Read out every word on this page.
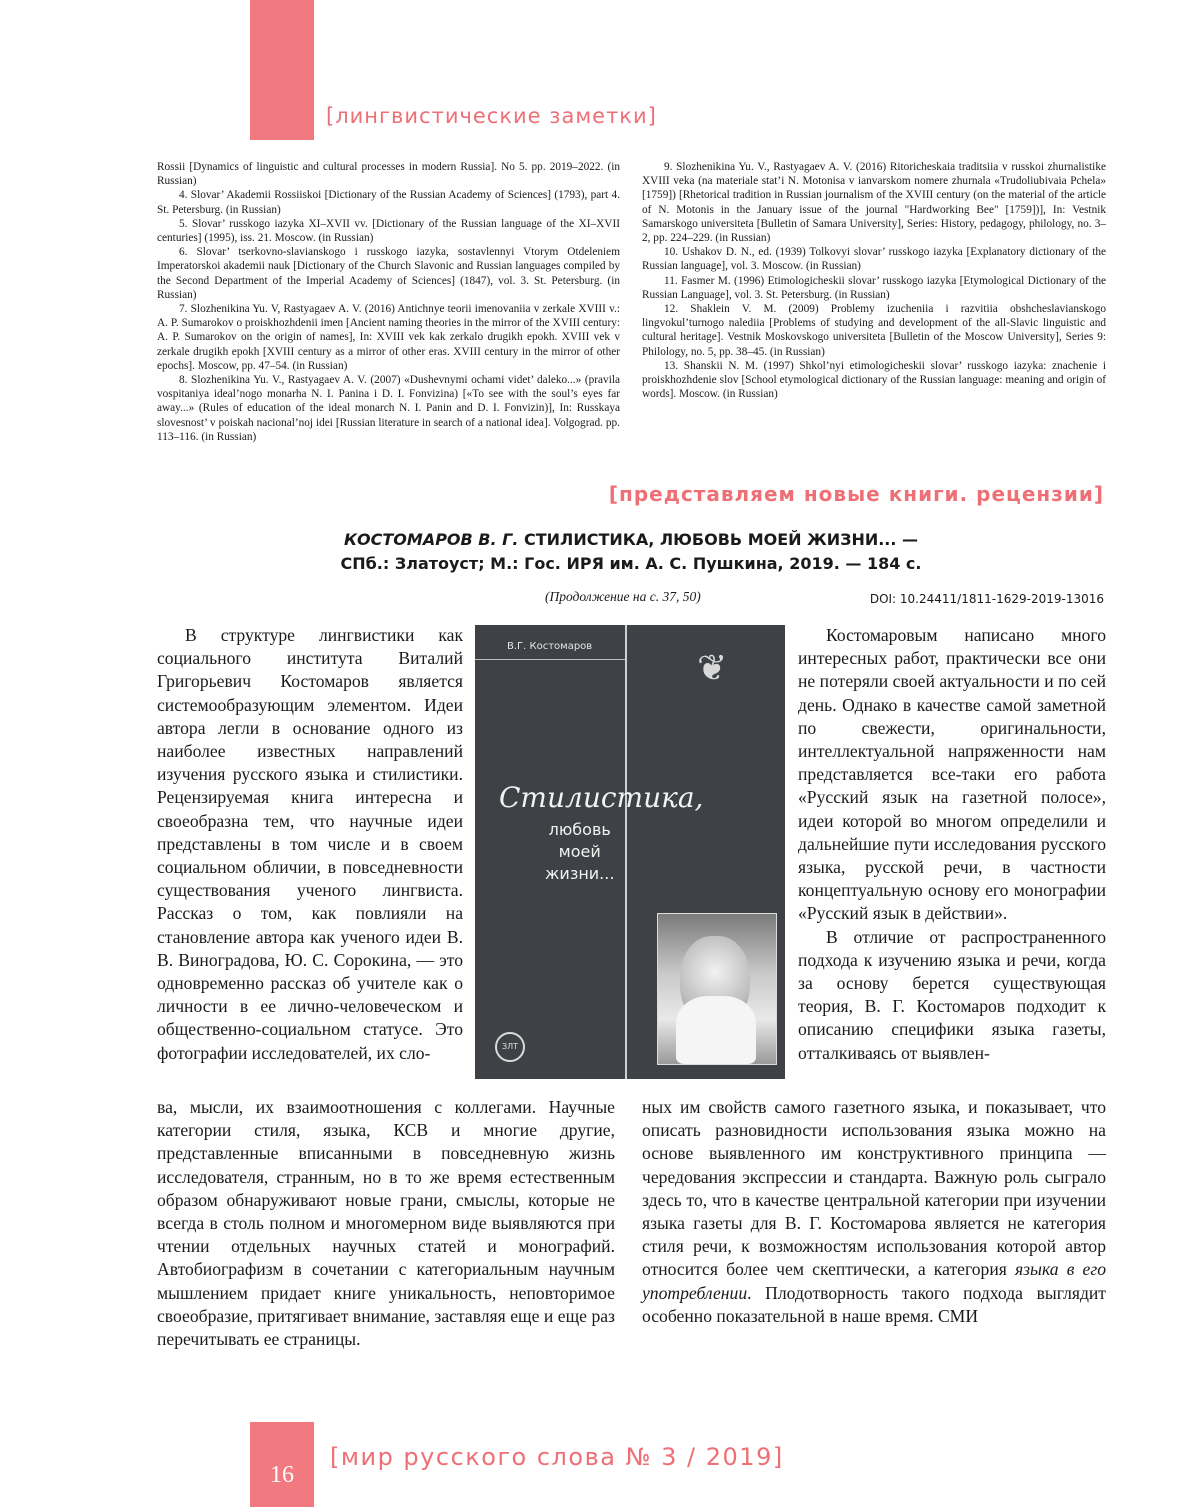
[лингвистические заметки]

Rossii [Dynamics of linguistic and cultural processes in modern Russia]. No 5. pp. 2019–2022. (in Russian)

4. Slovar’ Akademii Rossiiskoi [Dictionary of the Russian Academy of Sciences] (1793), part 4. St. Petersburg. (in Russian)

5. Slovar’ russkogo iazyka XI–XVII vv. [Dictionary of the Russian language of the XI–XVII centuries] (1995), iss. 21. Moscow. (in Russian)

6. Slovar’ tserkovno-slavianskogo i russkogo iazyka, sostavlennyi Vtorym Otdeleniem Imperatorskoi akademii nauk [Dictionary of the Church Slavonic and Russian languages compiled by the Second Department of the Imperial Academy of Sciences] (1847), vol. 3. St. Petersburg. (in Russian)

7. Slozhenikina Yu. V, Rastyagaev A. V. (2016) Antichnye teorii imenovaniia v zerkale XVIII v.: A. P. Sumarokov o proiskhozhdenii imen [Ancient naming theories in the mirror of the XVIII century: A. P. Sumarokov on the origin of names], In: XVIII vek kak zerkalo drugikh epokh. XVIII vek v zerkale drugikh epokh [XVIII century as a mirror of other eras. XVIII century in the mirror of other epochs]. Moscow, pp. 47–54. (in Russian)

8. Slozhenikina Yu. V., Rastyagaev A. V. (2007) «Dushevnymi ochami videt’ daleko...» (pravila vospitaniya ideal’nogo monarha N. I. Panina i D. I. Fonvizina) [«To see with the soul’s eyes far away...» (Rules of education of the ideal monarch N. I. Panin and D. I. Fonvizin)], In: Russkaya slovesnost’ v poiskah nacional’noj idei [Russian literature in search of a national idea]. Volgograd. pp. 113–116. (in Russian)

9. Slozhenikina Yu. V., Rastyagaev A. V. (2016) Ritoricheskaia traditsiia v russkoi zhurnalistike XVIII veka (na materiale stat’i N. Motonisa v ianvarskom nomere zhurnala «Trudoliubivaia Pchela» [1759]) [Rhetorical tradition in Russian journalism of the XVIII century (on the material of the article of N. Motonis in the January issue of the journal "Hardworking Bee" [1759])], In: Vestnik Samarskogo universiteta [Bulletin of Samara University], Series: History, pedagogy, philology, no. 3–2, pp. 224–229. (in Russian)

10. Ushakov D. N., ed. (1939) Tolkovyi slovar’ russkogo iazyka [Explanatory dictionary of the Russian language], vol. 3. Moscow. (in Russian)

11. Fasmer M. (1996) Etimologicheskii slovar’ russkogo iazyka [Etymological Dictionary of the Russian Language], vol. 3. St. Petersburg. (in Russian)

12. Shaklein V. M. (2009) Problemy izucheniia i razvitiia obshcheslavianskogo lingvokul’turnogo nalediia [Problems of studying and development of the all-Slavic linguistic and cultural heritage]. Vestnik Moskovskogo universiteta [Bulletin of the Moscow University], Series 9: Philology, no. 5, pp. 38–45. (in Russian)

13. Shanskii N. M. (1997) Shkol’nyi etimologicheskii slovar’ russkogo iazyka: znachenie i proiskhozhdenie slov [School etymological dictionary of the Russian language: meaning and origin of words]. Moscow. (in Russian)

[представляем новые книги. рецензии]
КОСТОМАРОВ В. Г. СТИЛИСТИКА, ЛЮБОВЬ МОЕЙ ЖИЗНИ... —
СПб.: Златоуст; М.: Гос. ИРЯ им. А. С. Пушкина, 2019. — 184 с.
(Продолжение на с. 37, 50)	DOI: 10.24411/1811-1629-2019-13016
В.Г. Костомаров
❦
Стилистика,
любовь
моей
жизни...
ЗЛТ

В структуре лингвистики как социального института Виталий Григорьевич Костомаров является системообразующим элементом. Идеи автора легли в основание одного из наиболее известных направлений изучения русского языка и стилистики. Рецензируемая книга интересна и своеобразна тем, что научные идеи представлены в том числе и в своем социальном обличии, в повседневности существования ученого лингвиста. Рассказ о том, как повлияли на становление автора как ученого идеи В. В. Виноградова, Ю. С. Сорокина, — это одновременно рассказ об учителе как о личности в ее лично-человеческом и общественно-социальном статусе. Это фотографии исследователей, их сло-

Костомаровым написано много интересных работ, практически все они не потеряли своей актуальности и по сей день. Однако в качестве самой заметной по свежести, оригинальности, интеллектуальной напряженности нам представляется все-таки его работа «Русский язык на газетной полосе», идеи которой во многом определили и дальнейшие пути исследования русского языка, русской речи, в частности концептуальную основу его монографии «Русский язык в действии».

В отличие от распространенного подхода к изучению языка и речи, когда за основу берется существующая теория, В. Г. Костомаров подходит к описанию специфики языка газеты, отталкиваясь от выявлен-

ва, мысли, их взаимоотношения с коллегами. Научные категории стиля, языка, КСВ и многие другие, представленные вписанными в повседневную жизнь исследователя, странным, но в то же время естественным образом обнаруживают новые грани, смыслы, которые не всегда в столь полном и многомерном виде выявляются при чтении отдельных научных статей и монографий. Автобиографизм в сочетании с категориальным научным мышлением придает книге уникальность, неповторимое своеобразие, притягивает внимание, заставляя еще и еще раз перечитывать ее страницы.

ных им свойств самого газетного языка, и показывает, что описать разновидности использования языка можно на основе выявленного им конструктивного принципа — чередования экспрессии и стандарта. Важную роль сыграло здесь то, что в качестве центральной категории при изучении языка газеты для В. Г. Костомарова является не категория стиля речи, к возможностям использования которой автор относится более чем скептически, а категория языка в его употреблении. Плодотворность такого подхода выглядит особенно показательной в наше время. СМИ

16
[мир русского слова № 3 / 2019]
